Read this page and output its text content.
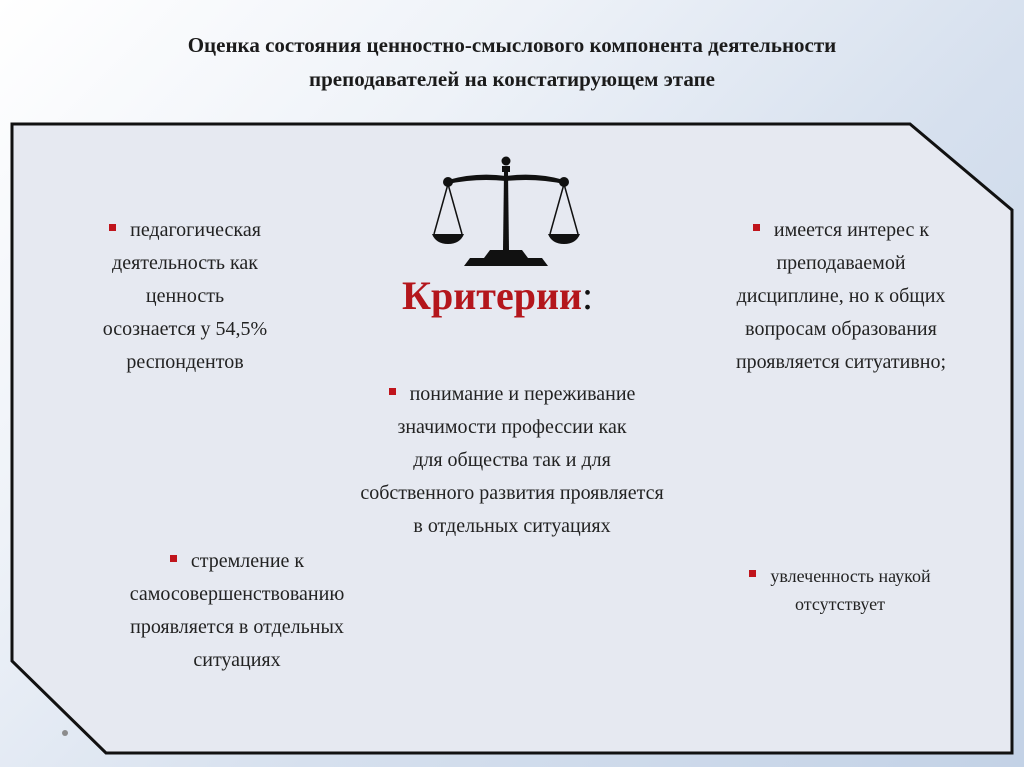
Оценка состояния ценностно-смыслового компонента деятельности
преподавателей на констатирующем этапе
Критерии:
педагогическая
деятельность как
ценность
осознается у 54,5%
респондентов
имеется интерес к
преподаваемой
дисциплине, но к общих
вопросам образования
проявляется ситуативно;
понимание и переживание
значимости профессии как
для общества так и для
собственного развития проявляется
в отдельных ситуациях
стремление к
самосовершенствованию
проявляется в отдельных
ситуациях
увлеченность наукой
отсутствует
